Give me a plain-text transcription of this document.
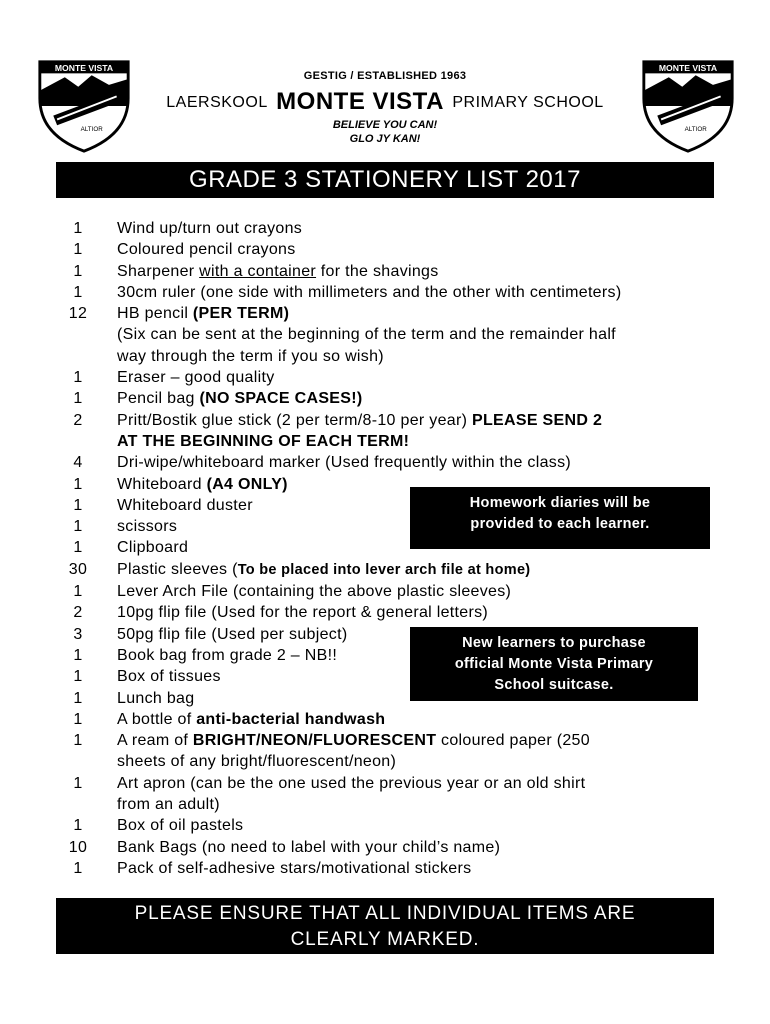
MONTE VISTA
SEMPER
ALTIOR
MONTE VISTA
SEMPER
ALTIOR
GESTIG / ESTABLISHED 1963
LAERSKOOL MONTE VISTA PRIMARY SCHOOL
BELIEVE YOU CAN!
GLO JY KAN!
GRADE 3 STATIONERY LIST 2017
1	Wind up/turn out crayons
1	Coloured pencil crayons
1	Sharpener with a container for the shavings
1	30cm ruler (one side with millimeters and the other with centimeters)
12	HB pencil (PER TERM)
(Six can be sent at the beginning of the term and the remainder half
way through the term if you so wish)
1	Eraser – good quality
1	Pencil bag (NO SPACE CASES!)
2	Pritt/Bostik glue stick (2 per term/8-10 per year) PLEASE SEND 2
AT THE BEGINNING OF EACH TERM!
4	Dri-wipe/whiteboard marker (Used frequently within the class)
1	Whiteboard (A4 ONLY)
1	Whiteboard duster
1	scissors
1	Clipboard
30	Plastic sleeves (To be placed into lever arch file at home)
1	Lever Arch File (containing the above plastic sleeves)
2	10pg flip file (Used for the report & general letters)
3	50pg flip file (Used per subject)
1	Book bag from grade 2 – NB!!
1	Box of tissues
1	Lunch bag
1	A bottle of anti-bacterial handwash
1	A ream of BRIGHT/NEON/FLUORESCENT coloured paper (250
sheets of any bright/fluorescent/neon)
1	Art apron (can be the one used the previous year or an old shirt
from an adult)
1	Box of oil pastels
10	Bank Bags (no need to label with your child’s name)
1	Pack of self-adhesive stars/motivational stickers
Homework diaries will be
provided to each learner.
New learners to purchase
official Monte Vista Primary
School suitcase.
PLEASE ENSURE THAT ALL INDIVIDUAL ITEMS ARE
CLEARLY MARKED.
